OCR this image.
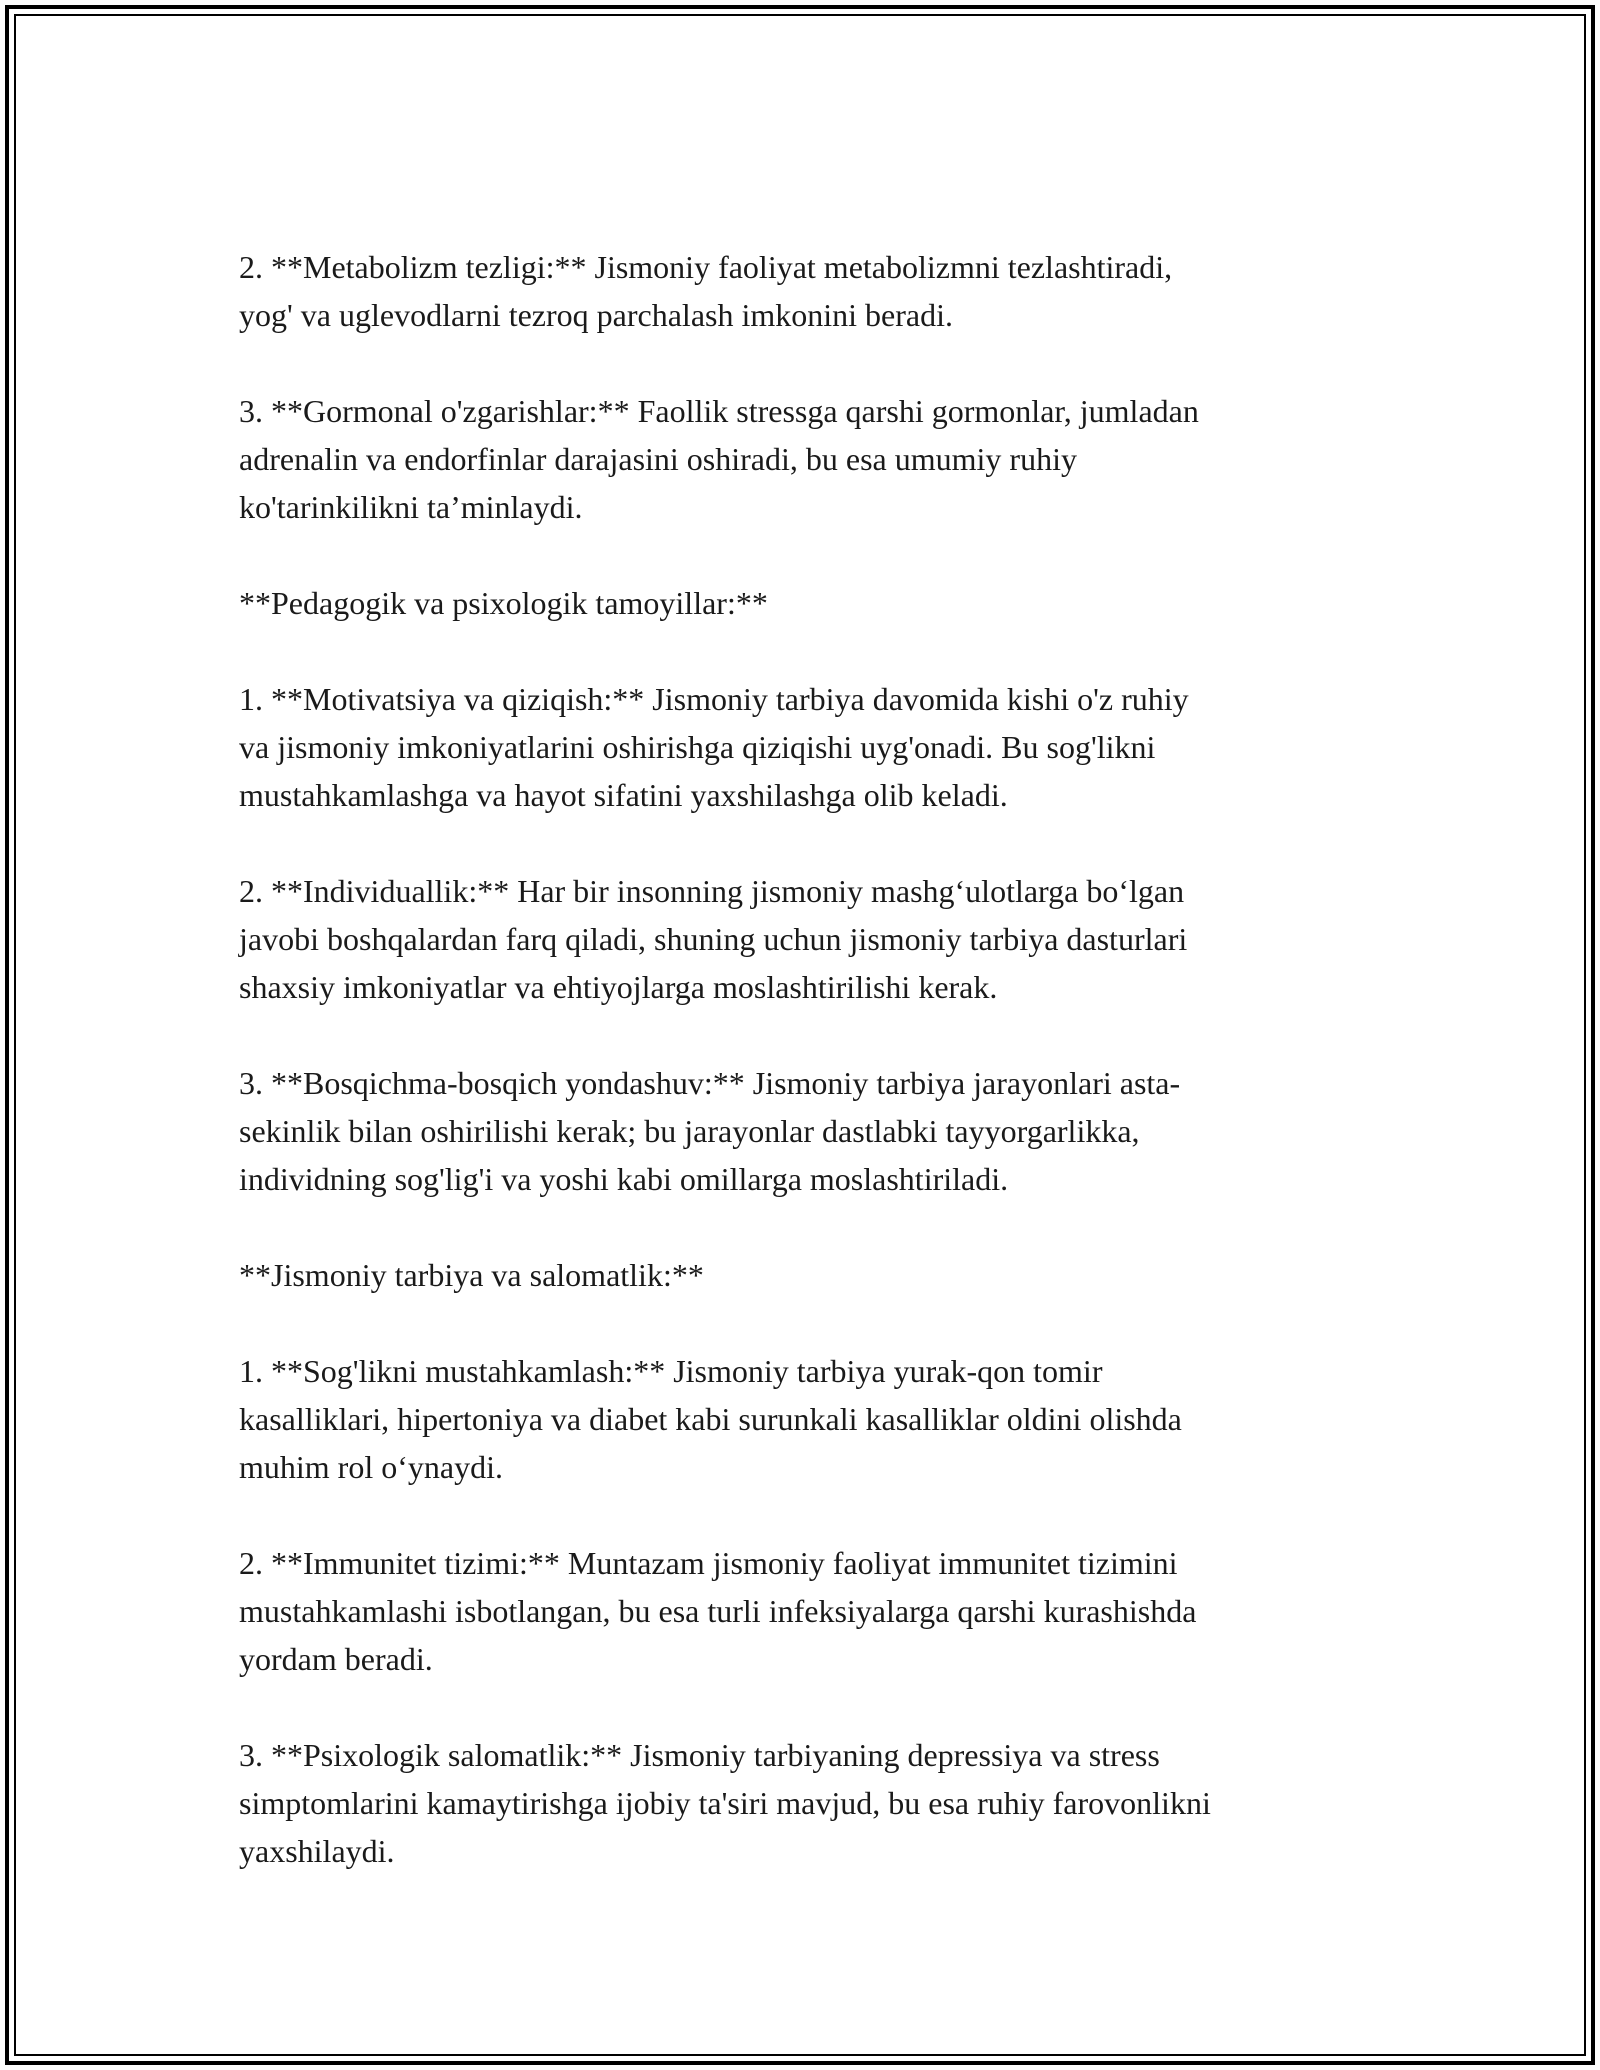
2. **Metabolizm tezligi:** Jismoniy faoliyat metabolizmni tezlashtiradi,
yog' va uglevodlarni tezroq parchalash imkonini beradi.

3. **Gormonal o'zgarishlar:** Faollik stressga qarshi gormonlar, jumladan
adrenalin va endorfinlar darajasini oshiradi, bu esa umumiy ruhiy
ko'tarinkilikni ta’minlaydi.

**Pedagogik va psixologik tamoyillar:**

1. **Motivatsiya va qiziqish:** Jismoniy tarbiya davomida kishi o'z ruhiy
va jismoniy imkoniyatlarini oshirishga qiziqishi uyg'onadi. Bu sog'likni
mustahkamlashga va hayot sifatini yaxshilashga olib keladi.

2. **Individuallik:** Har bir insonning jismoniy mashg‘ulotlarga bo‘lgan
javobi boshqalardan farq qiladi, shuning uchun jismoniy tarbiya dasturlari
shaxsiy imkoniyatlar va ehtiyojlarga moslashtirilishi kerak.

3. **Bosqichma-bosqich yondashuv:** Jismoniy tarbiya jarayonlari asta-
sekinlik bilan oshirilishi kerak; bu jarayonlar dastlabki tayyorgarlikka,
individning sog'lig'i va yoshi kabi omillarga moslashtiriladi.

**Jismoniy tarbiya va salomatlik:**

1. **Sog'likni mustahkamlash:** Jismoniy tarbiya yurak-qon tomir
kasalliklari, hipertoniya va diabet kabi surunkali kasalliklar oldini olishda
muhim rol o‘ynaydi.

2. **Immunitet tizimi:** Muntazam jismoniy faoliyat immunitet tizimini
mustahkamlashi isbotlangan, bu esa turli infeksiyalarga qarshi kurashishda
yordam beradi.

3. **Psixologik salomatlik:** Jismoniy tarbiyaning depressiya va stress
simptomlarini kamaytirishga ijobiy ta'siri mavjud, bu esa ruhiy farovonlikni
yaxshilaydi.
